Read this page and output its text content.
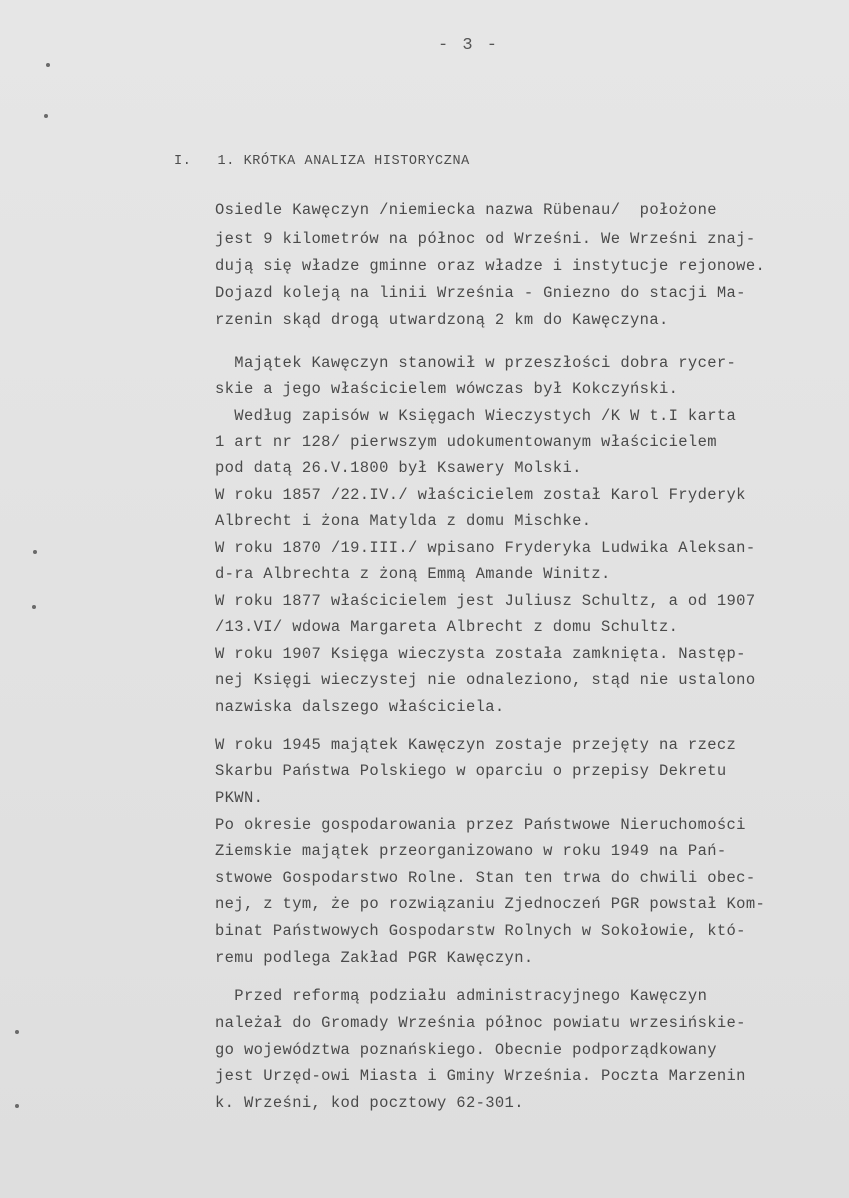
- 3 -
I.   1. KRÓTKA ANALIZA HISTORYCZNA
Osiedle Kawęczyn /niemiecka nazwa Rübenau/  położone
jest 9 kilometrów na północ od Wrześni. We Wrześni znaj-
dują się władze gminne oraz władze i instytucje rejonowe.
Dojazd koleją na linii Września - Gniezno do stacji Ma-
rzenin skąd drogą utwardzoną 2 km do Kawęczyna.
Majątek Kawęczyn stanowił w przeszłości dobra rycer-
skie a jego właścicielem wówczas był Kokczyński.
Według zapisów w Księgach Wieczystych /K W t.I karta
1 art nr 128/ pierwszym udokumentowanym właścicielem
pod datą 26.V.1800 był Ksawery Molski.
W roku 1857 /22.IV./ właścicielem został Karol Fryderyk
Albrecht i żona Matylda z domu Mischke.
W roku 1870 /19.III./ wpisano Fryderyka Ludwika Aleksan-
d-ra Albrechta z żoną Emmą Amande Winitz.
W roku 1877 właścicielem jest Juliusz Schultz, a od 1907
/13.VI/ wdowa Margareta Albrecht z domu Schultz.
W roku 1907 Księga wieczysta została zamknięta. Następ-
nej Księgi wieczystej nie odnaleziono, stąd nie ustalono
nazwiska dalszego właściciela.
W roku 1945 majątek Kawęczyn zostaje przejęty na rzecz
Skarbu Państwa Polskiego w oparciu o przepisy Dekretu
PKWN.
Po okresie gospodarowania przez Państwowe Nieruchomości
Ziemskie majątek przeorganizowano w roku 1949 na Pań-
stwowe Gospodarstwo Rolne. Stan ten trwa do chwili obec-
nej, z tym, że po rozwiązaniu Zjednoczeń PGR powstał Kom-
binat Państwowych Gospodarstw Rolnych w Sokołowie, któ-
remu podlega Zakład PGR Kawęczyn.
Przed reformą podziału administracyjnego Kawęczyn
należał do Gromady Września północ powiatu wrzesińskie-
go województwa poznańskiego. Obecnie podporządkowany
jest Urzęd-owi Miasta i Gminy Września. Poczta Marzenin
k. Wrześni, kod pocztowy 62-301.
